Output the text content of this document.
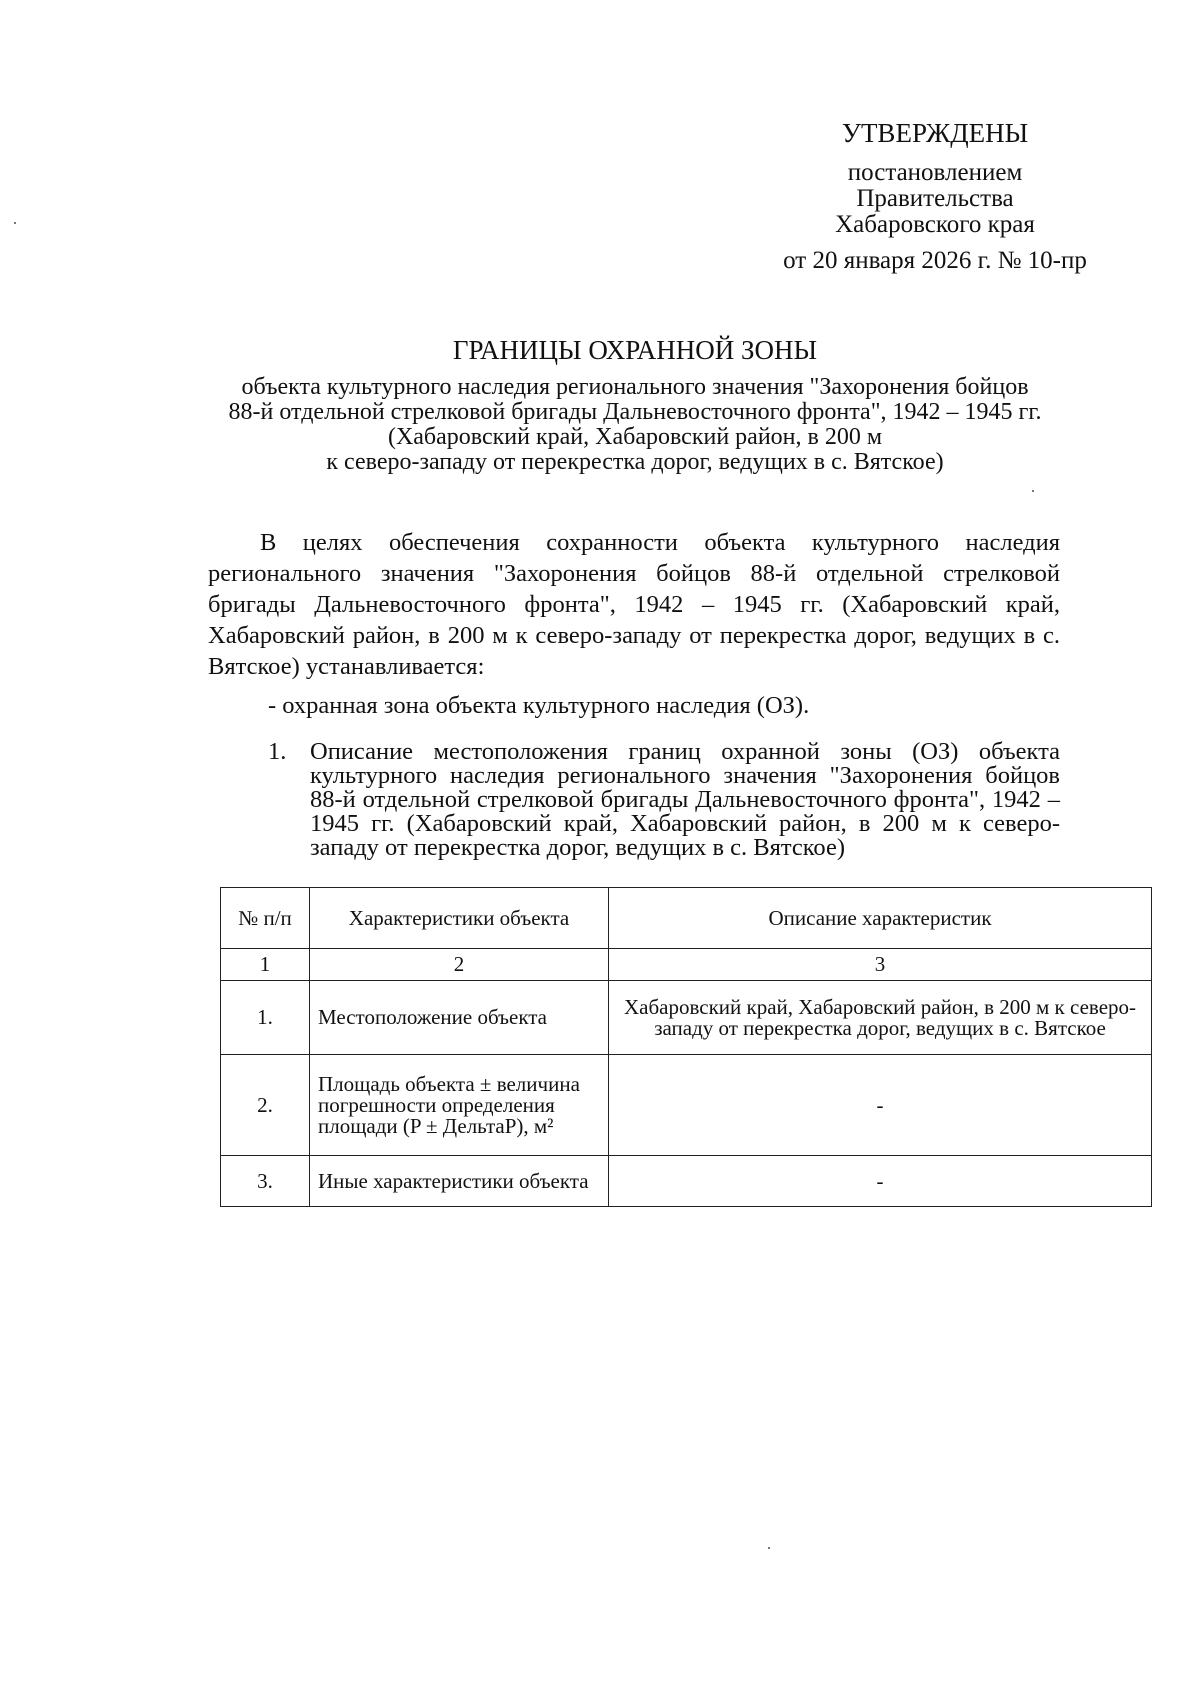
УТВЕРЖДЕНЫ
постановлением
Правительства
Хабаровского края
от 20 января 2026 г. № 10-пр
ГРАНИЦЫ ОХРАННОЙ ЗОНЫ
объекта культурного наследия регионального значения "Захоронения бойцов
88-й отдельной стрелковой бригады Дальневосточного фронта", 1942 – 1945 гг.
(Хабаровский край, Хабаровский район, в 200 м
к северо-западу от перекрестка дорог, ведущих в с. Вятское)
В целях обеспечения сохранности объекта культурного наследия регионального значения "Захоронения бойцов 88-й отдельной стрелковой бригады Дальневосточного фронта", 1942 – 1945 гг. (Хабаровский край, Хабаровский район, в 200 м к северо-западу от перекрестка дорог, ведущих в с. Вятское) устанавливается:
- охранная зона объекта культурного наследия (ОЗ).
1. Описание местоположения границ охранной зоны (ОЗ) объекта культурного наследия регионального значения "Захоронения бойцов 88-й отдельной стрелковой бригады Дальневосточного фронта", 1942 – 1945 гг. (Хабаровский край, Хабаровский район, в 200 м к северо-западу от перекрестка дорог, ведущих в с. Вятское)
№ п/п	Характеристики объекта	Описание характеристик
1	2	3
1.	Местоположение объекта	Хабаровский край, Хабаровский район, в 200 м к северо-западу от перекрестка дорог, ведущих в с. Вятское
2.	Площадь объекта ± величина погрешности определения площади (P ± ДельтаP), м²	-
3.	Иные характеристики объекта	-
